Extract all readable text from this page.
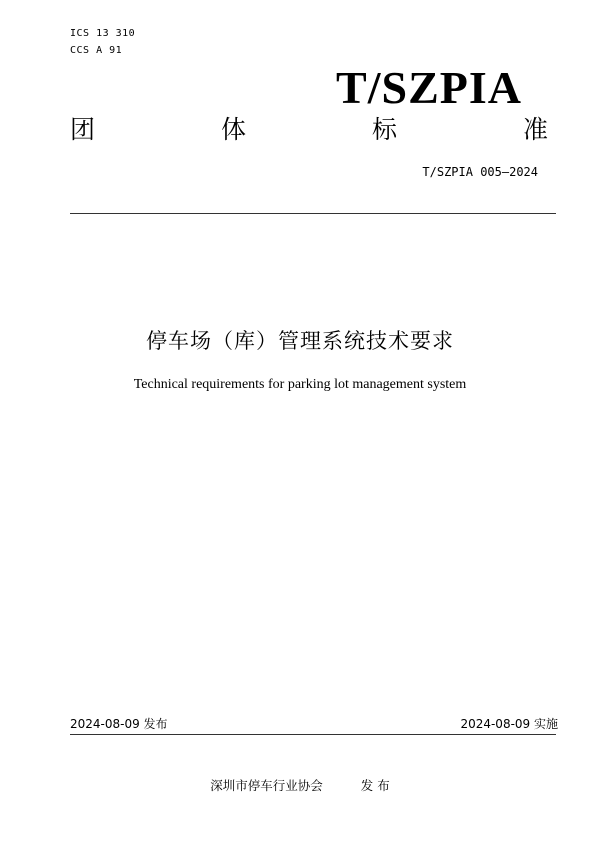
ICS 13 310
CCS A 91
T/SZPIA
团	体	标	准
T/SZPIA 005—2024
停车场（库）管理系统技术要求
Technical requirements for parking lot management system
2024-08-09 发布	2024-08-09 实施
深圳市停车行业协会	发 布
